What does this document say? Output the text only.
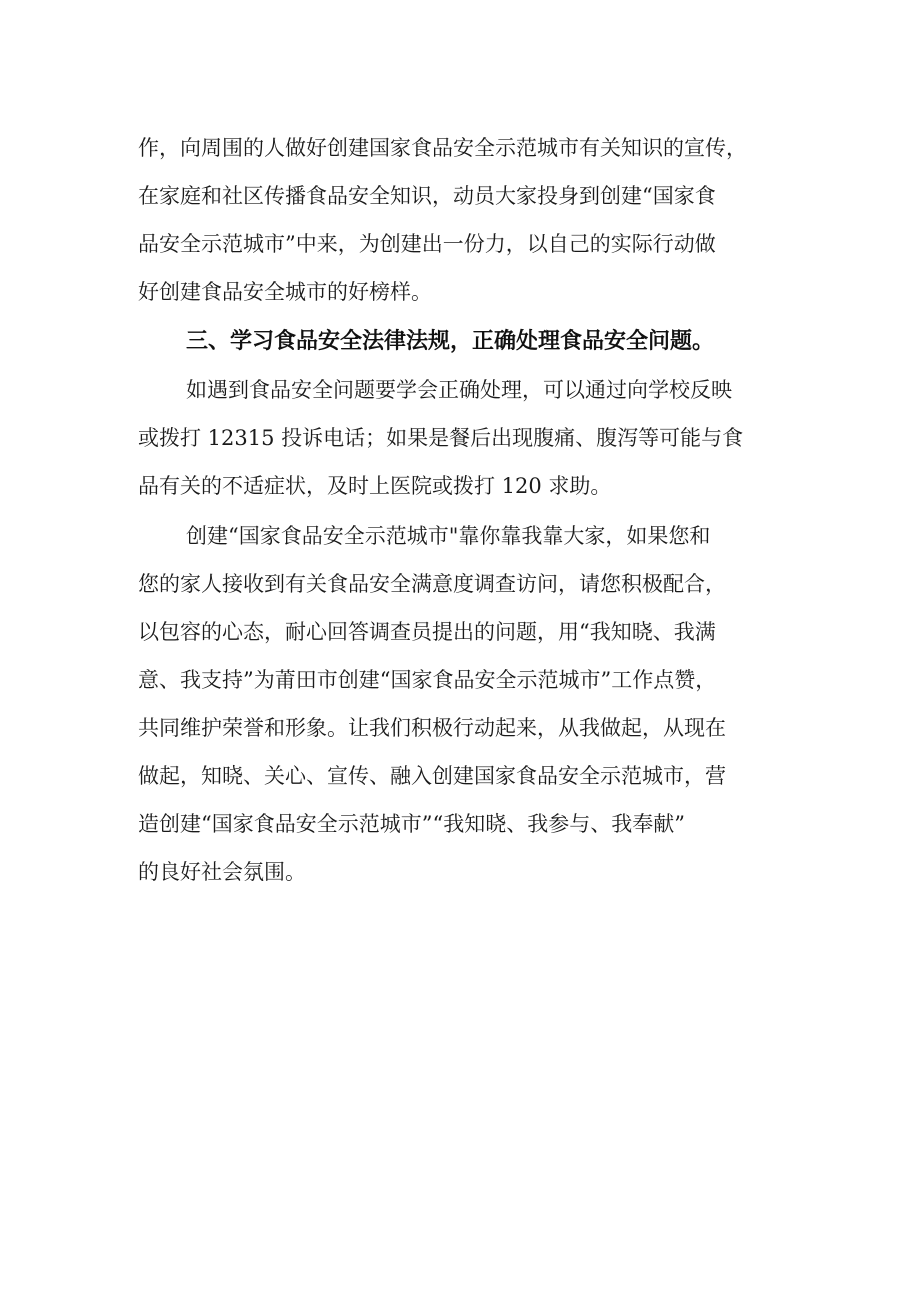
作，向周围的人做好创建国家食品安全示范城市有关知识的宣传，
在家庭和社区传播食品安全知识，动员大家投身到创建“国家食
品安全示范城市”中来，为创建出一份力，以自己的实际行动做
好创建食品安全城市的好榜样。
三、学习食品安全法律法规，正确处理食品安全问题。
如遇到食品安全问题要学会正确处理，可以通过向学校反映
或拨打 12315 投诉电话；如果是餐后出现腹痛、腹泻等可能与食
品有关的不适症状，及时上医院或拨打 120 求助。
创建“国家食品安全示范城市"靠你靠我靠大家，如果您和
您的家人接收到有关食品安全满意度调查访问，请您积极配合，
以包容的心态，耐心回答调查员提出的问题，用“我知晓、我满
意、我支持”为莆田市创建“国家食品安全示范城市”工作点赞，
共同维护荣誉和形象。让我们积极行动起来，从我做起，从现在
做起，知晓、关心、宣传、融入创建国家食品安全示范城市，营
造创建“国家食品安全示范城市”“我知晓、我参与、我奉献”
的良好社会氛围。
